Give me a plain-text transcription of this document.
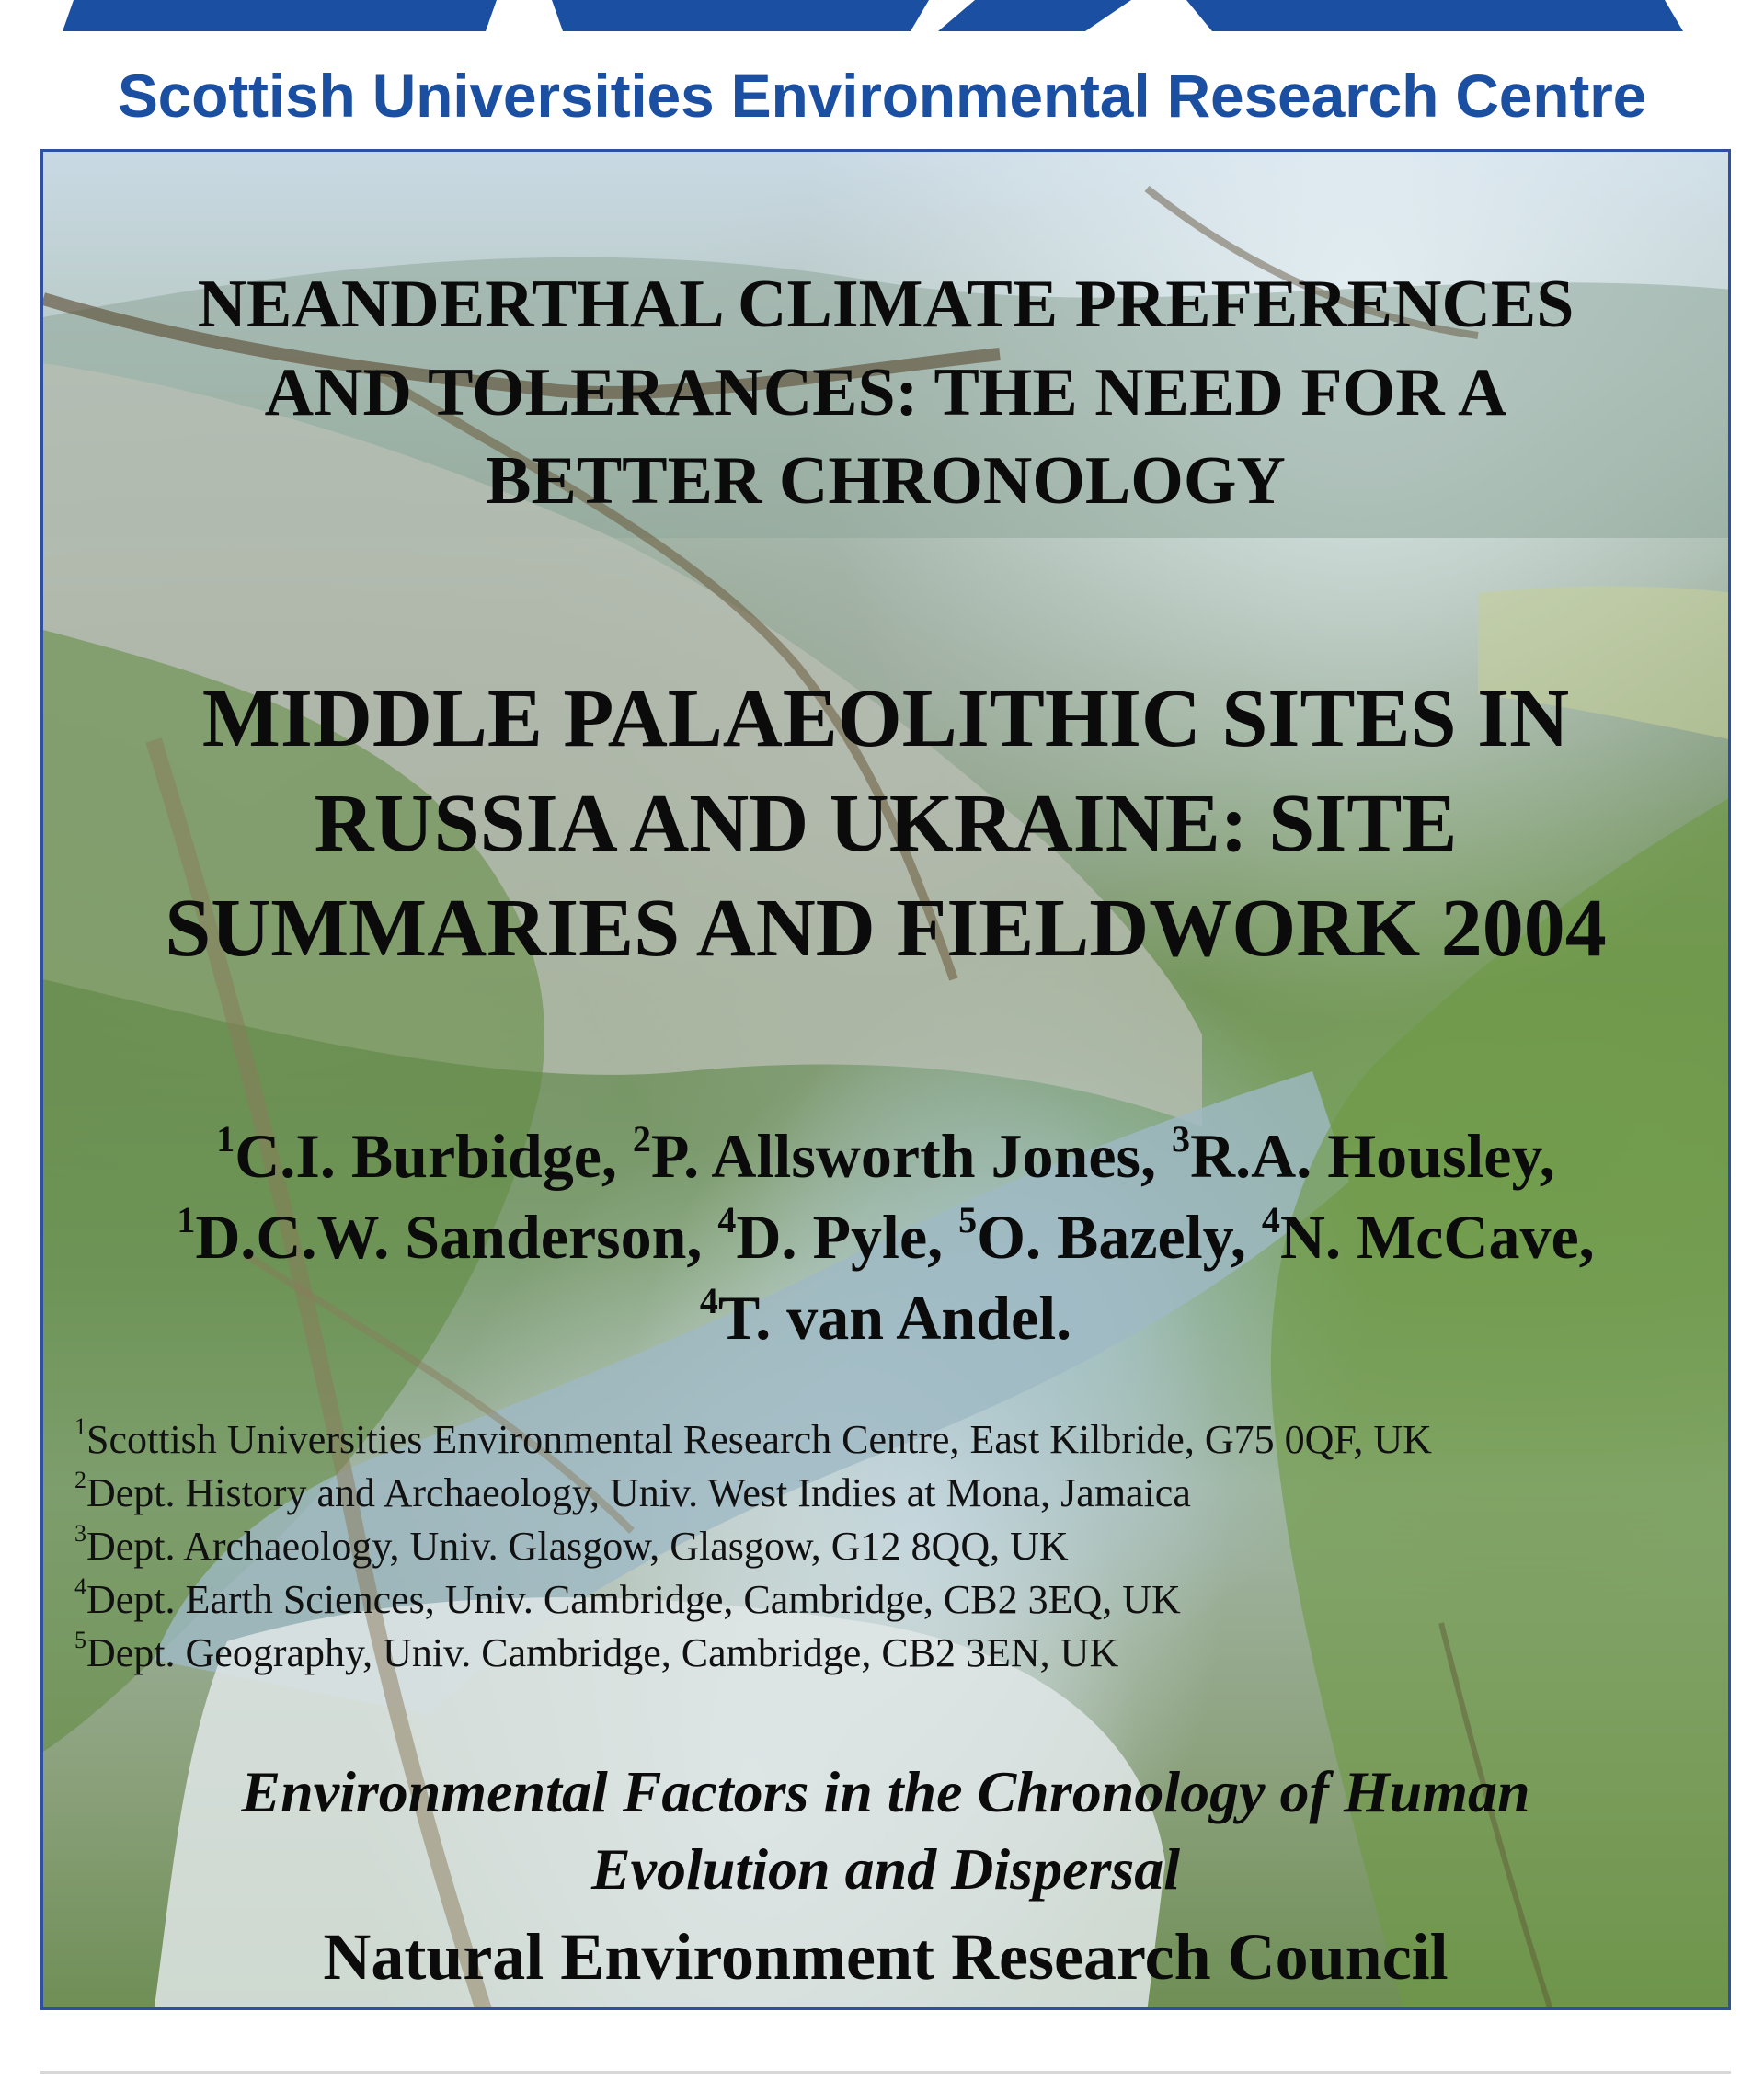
Scottish Universities Environmental Research Centre
NEANDERTHAL CLIMATE PREFERENCES
AND TOLERANCES: THE NEED FOR A
BETTER CHRONOLOGY
MIDDLE PALAEOLITHIC SITES IN
RUSSIA AND UKRAINE: SITE
SUMMARIES AND FIELDWORK 2004
$^1$C.I. Burbidge, $^2$P. Allsworth Jones, $^3$R.A. Housley,
$^1$D.C.W. Sanderson, $^4$D. Pyle, $^5$O. Bazely, $^4$N. McCave,
$^4$T. van Andel.
$^1$Scottish Universities Environmental Research Centre, East Kilbride, G75 0QF, UK
$^2$Dept. History and Archaeology, Univ. West Indies at Mona, Jamaica
$^3$Dept. Archaeology, Univ. Glasgow, Glasgow, G12 8QQ, UK
$^4$Dept. Earth Sciences, Univ. Cambridge, Cambridge, CB2 3EQ, UK
$^5$Dept. Geography, Univ. Cambridge, Cambridge, CB2 3EN, UK
Environmental Factors in the Chronology of Human
Evolution and Dispersal
Natural Environment Research Council
